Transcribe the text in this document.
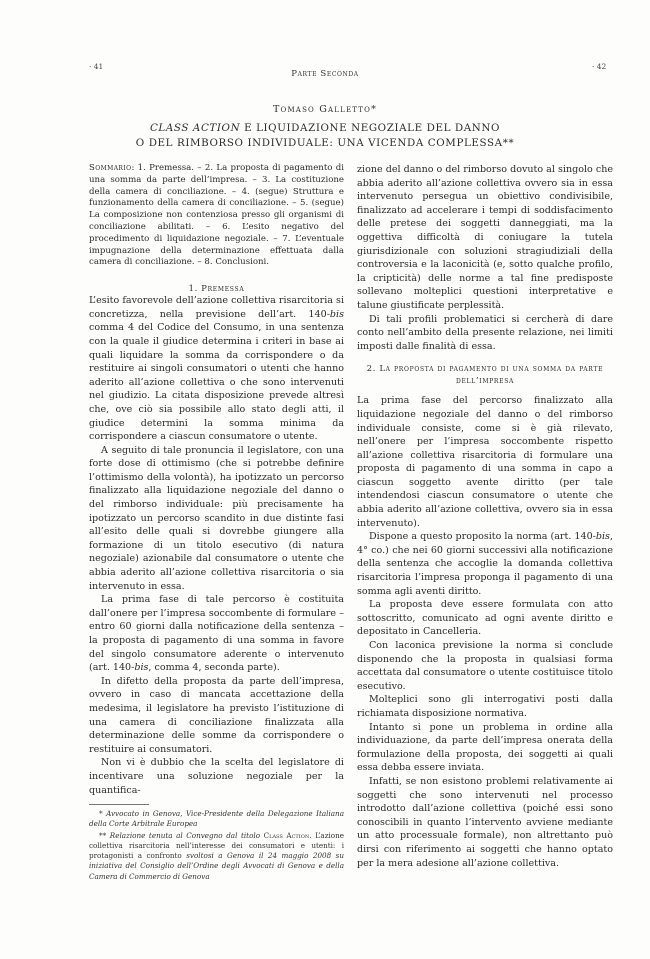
· 41
Parte Seconda
· 42
Tomaso Galletto*
CLASS ACTION E LIQUIDAZIONE NEGOZIALE DEL DANNO
O DEL RIMBORSO INDIVIDUALE: UNA VICENDA COMPLESSA**

Sommario: 1. Premessa. – 2. La proposta di pagamento di una somma da parte dell’impresa. – 3. La costituzione della camera di conciliazione. – 4. (segue) Struttura e funzionamento della camera di conciliazione. – 5. (segue) La composizione non contenziosa presso gli organismi di conciliazione abilitati. – 6. L’esito negativo del procedimento di liquidazione negoziale. – 7. L’eventuale impugnazione della determinazione effettuata dalla camera di conciliazione. – 8. Conclusioni.

1. Premessa

L’esito favorevole dell’azione collettiva risarcitoria si concretizza, nella previsione dell’art. 140-bis comma 4 del Codice del Consumo, in una sentenza con la quale il giudice determina i criteri in base ai quali liquidare la somma da corrispondere o da restituire ai singoli consumatori o utenti che hanno aderito all’azione collettiva o che sono intervenuti nel giudizio. La citata disposizione prevede altresì che, ove ciò sia possibile allo stato degli atti, il giudice determini la somma minima da corrispondere a ciascun consumatore o utente.

A seguito di tale pronuncia il legislatore, con una forte dose di ottimismo (che si potrebbe definire l’ottimismo della volontà), ha ipotizzato un percorso finalizzato alla liquidazione negoziale del danno o del rimborso individuale: più precisamente ha ipotizzato un percorso scandito in due distinte fasi all’esito delle quali si dovrebbe giungere alla formazione di un titolo esecutivo (di natura negoziale) azionabile dal consumatore o utente che abbia aderito all’azione collettiva risarcitoria o sia intervenuto in essa.

La prima fase di tale percorso è costituita dall’onere per l’impresa soccombente di formulare – entro 60 giorni dalla notificazione della sentenza – la proposta di pagamento di una somma in favore del singolo consumatore aderente o intervenuto (art. 140-bis, comma 4, seconda parte).

In difetto della proposta da parte dell’impresa, ovvero in caso di mancata accettazione della medesima, il legislatore ha previsto l’istituzione di una camera di conciliazione finalizzata alla determinazione delle somme da corrispondere o restituire ai consumatori.

Non vi è dubbio che la scelta del legislatore di incentivare una soluzione negoziale per la quantifica-

* Avvocato in Genova, Vice-Presidente della Delegazione Italiana della Corte Arbitrale Europea

** Relazione tenuta al Convegno dal titolo Class Action. L’azione collettiva risarcitoria nell’interesse dei consumatori e utenti: i protagonisti a confronto svoltosi a Genova il 24 maggio 2008 su iniziativa del Consiglio dell’Ordine degli Avvocati di Genova e della Camera di Commercio di Genova

zione del danno o del rimborso dovuto al singolo che abbia aderito all’azione collettiva ovvero sia in essa intervenuto persegua un obiettivo condivisibile, finalizzato ad accelerare i tempi di soddisfacimento delle pretese dei soggetti danneggiati, ma la oggettiva difficoltà di coniugare la tutela giurisdizionale con soluzioni stragiudiziali della controversia e la laconicità (e, sotto qualche profilo, la cripticità) delle norme a tal fine predisposte sollevano molteplici questioni interpretative e talune giustificate perplessità.

Di tali profili problematici si cercherà di dare conto nell’ambito della presente relazione, nei limiti imposti dalle finalità di essa.

2. La proposta di pagamento di una somma da parte dell’impresa

La prima fase del percorso finalizzato alla liquidazione negoziale del danno o del rimborso individuale consiste, come si è già rilevato, nell’onere per l’impresa soccombente rispetto all’azione collettiva risarcitoria di formulare una proposta di pagamento di una somma in capo a ciascun soggetto avente diritto (per tale intendendosi ciascun consumatore o utente che abbia aderito all’azione collettiva, ovvero sia in essa intervenuto).

Dispone a questo proposito la norma (art. 140-bis, 4° co.) che nei 60 giorni successivi alla notificazione della sentenza che accoglie la domanda collettiva risarcitoria l’impresa proponga il pagamento di una somma agli aventi diritto.

La proposta deve essere formulata con atto sottoscritto, comunicato ad ogni avente diritto e depositato in Cancelleria.

Con laconica previsione la norma si conclude disponendo che la proposta in qualsiasi forma accettata dal consumatore o utente costituisce titolo esecutivo.

Molteplici sono gli interrogativi posti dalla richiamata disposizione normativa.

Intanto si pone un problema in ordine alla individuazione, da parte dell’impresa onerata della formulazione della proposta, dei soggetti ai quali essa debba essere inviata.

Infatti, se non esistono problemi relativamente ai soggetti che sono intervenuti nel processo introdotto dall’azione collettiva (poiché essi sono conoscibili in quanto l’intervento avviene mediante un atto processuale formale), non altrettanto può dirsi con riferimento ai soggetti che hanno optato per la mera adesione all’azione collettiva.
